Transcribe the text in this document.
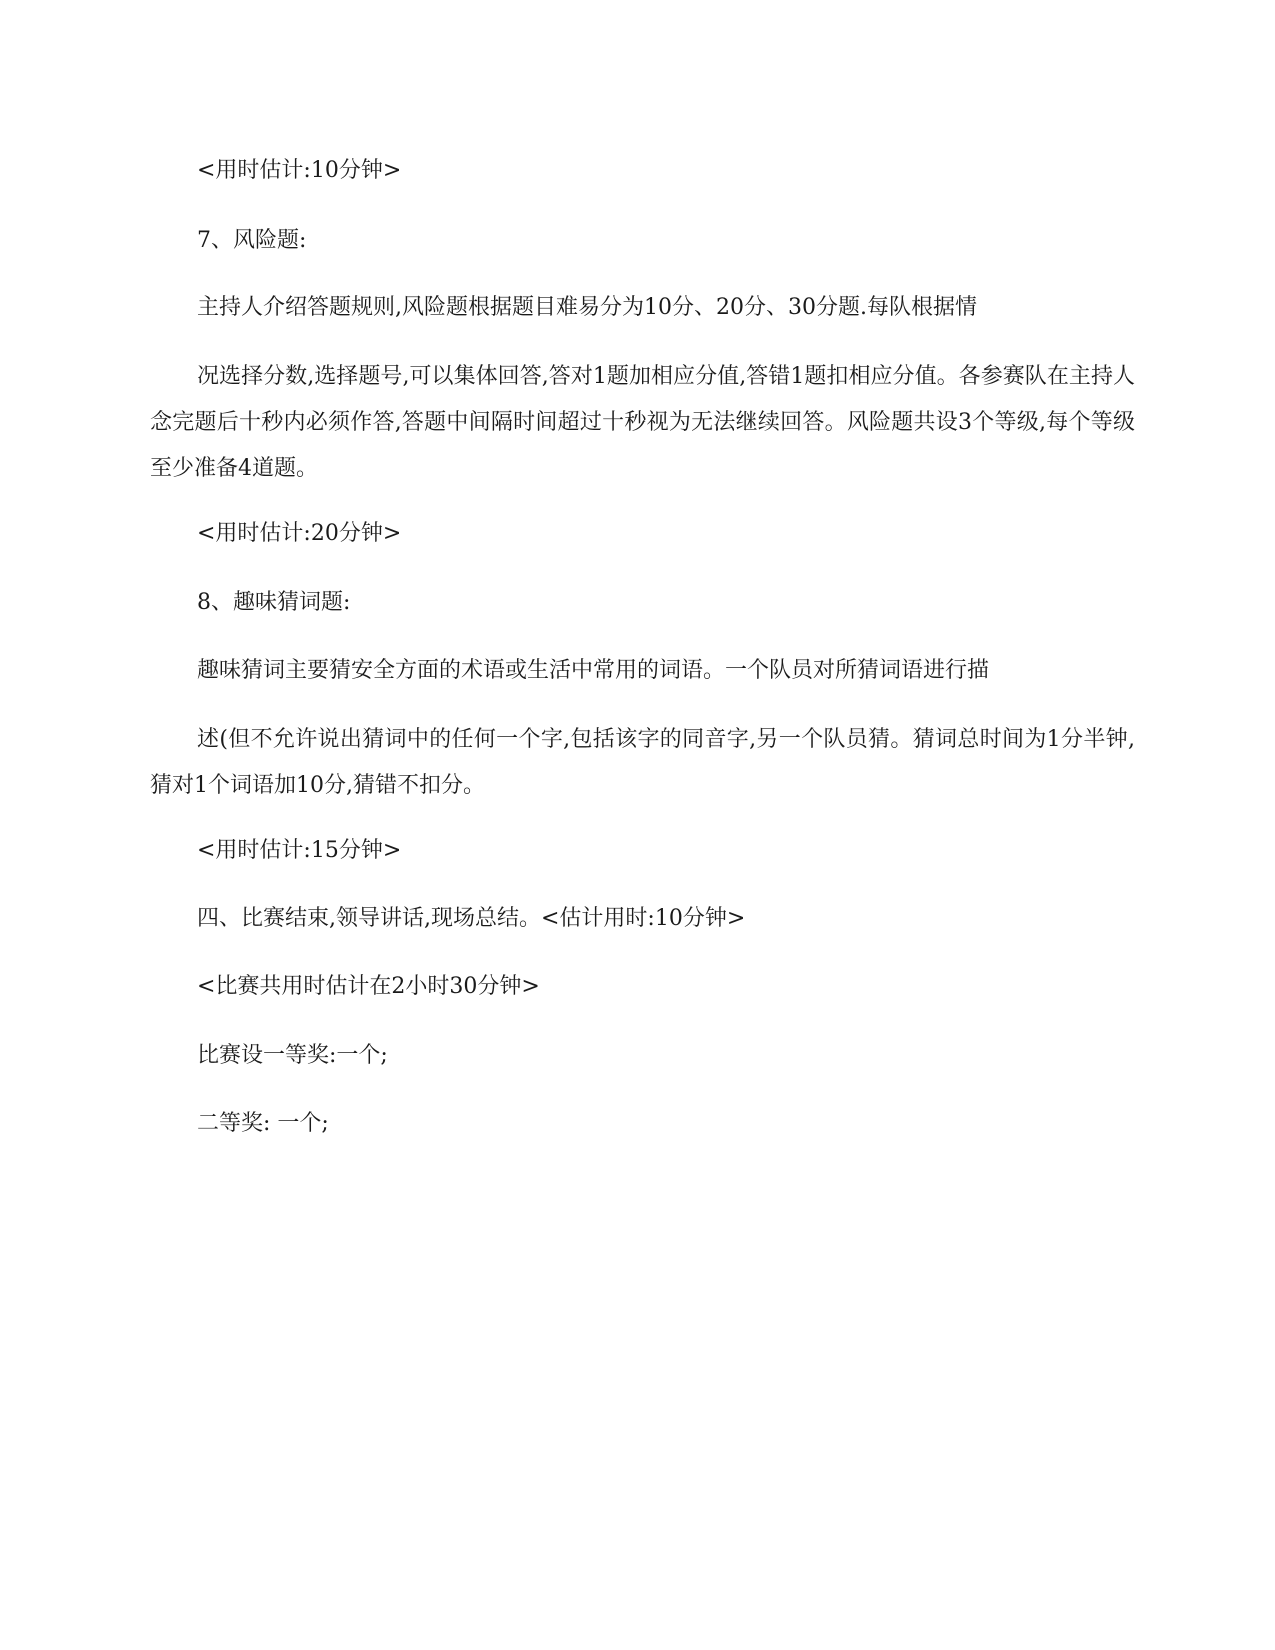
<用时估计:10分钟>
7、风险题:
主持人介绍答题规则,风险题根据题目难易分为10分、20分、30分题.每队根据情
况选择分数,选择题号,可以集体回答,答对1题加相应分值,答错1题扣相应分值。各参赛队在主持人念完题后十秒内必须作答,答题中间隔时间超过十秒视为无法继续回答。风险题共设3个等级,每个等级至少准备4道题。
<用时估计:20分钟>
8、趣味猜词题:
趣味猜词主要猜安全方面的术语或生活中常用的词语。一个队员对所猜词语进行描
述(但不允许说出猜词中的任何一个字,包括该字的同音字,另一个队员猜。猜词总时间为1分半钟,猜对1个词语加10分,猜错不扣分。
<用时估计:15分钟>
四、比赛结束,领导讲话,现场总结。<估计用时:10分钟>
<比赛共用时估计在2小时30分钟>
比赛设一等奖:一个;
二等奖: 一个;
